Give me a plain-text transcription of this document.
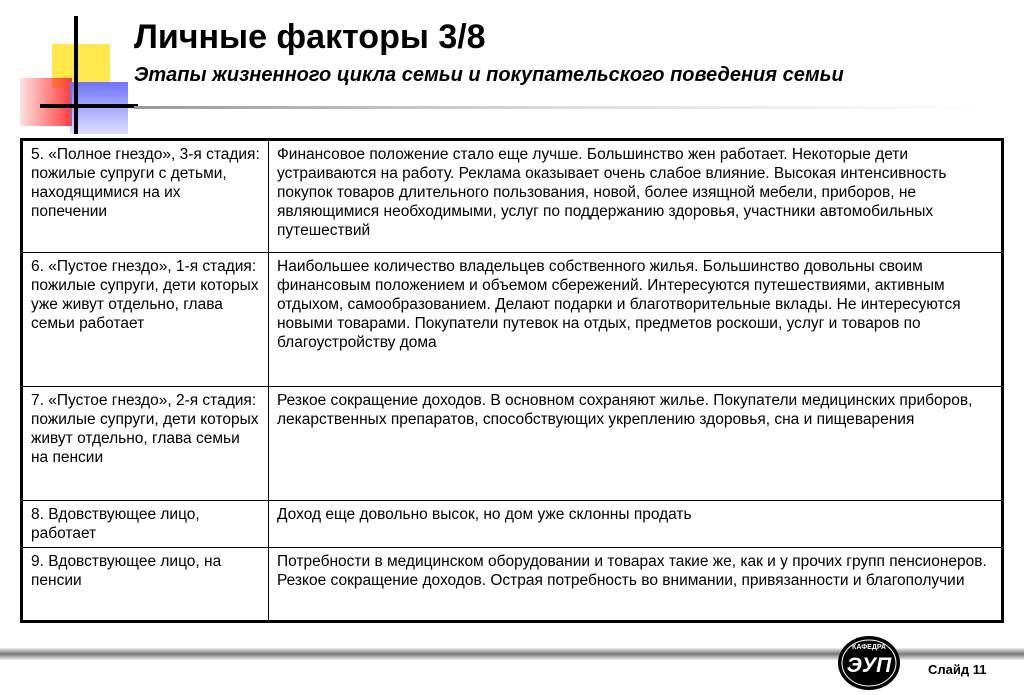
Личные факторы 3/8
Этапы жизненного цикла семьи и покупательского поведения семьи
5. «Полное гнездо», 3-я стадия: пожилые супруги с детьми, находящимися на их попечении	Финансовое положение стало еще лучше. Большинство жен работает. Некоторые дети устраиваются на работу. Реклама оказывает очень слабое влияние. Высокая интенсивность покупок товаров длительного пользования, новой, более изящной мебели, приборов, не являющимися необходимыми, услуг по поддержанию здоровья, участники автомобильных путешествий
6. «Пустое гнездо», 1-я стадия: пожилые супруги, дети которых уже живут отдельно, глава семьи работает	Наибольшее количество владельцев собственного жилья. Большинство довольны своим финансовым положением и объемом сбережений. Интересуются путешествиями, активным отдыхом, самообразованием. Делают подарки и благотворительные вклады. Не интересуются новыми товарами. Покупатели путевок на отдых, предметов роскоши, услуг и товаров по благоустройству дома
7. «Пустое гнездо», 2-я стадия: пожилые супруги, дети которых живут отдельно, глава семьи на пенсии	Резкое сокращение доходов. В основном сохраняют жилье. Покупатели медицинских приборов, лекарственных препаратов, способствующих укреплению здоровья, сна и пищеварения
8. Вдовствующее лицо, работает	Доход еще довольно высок, но дом уже склонны продать
9. Вдовствующее лицо, на пенсии	Потребности в медицинском оборудовании и товарах такие же, как и у прочих групп пенсионеров. Резкое сокращение доходов. Острая потребность во внимании, привязанности и благополучии
КАФЕДРА
ЭУП	Слайд 11
